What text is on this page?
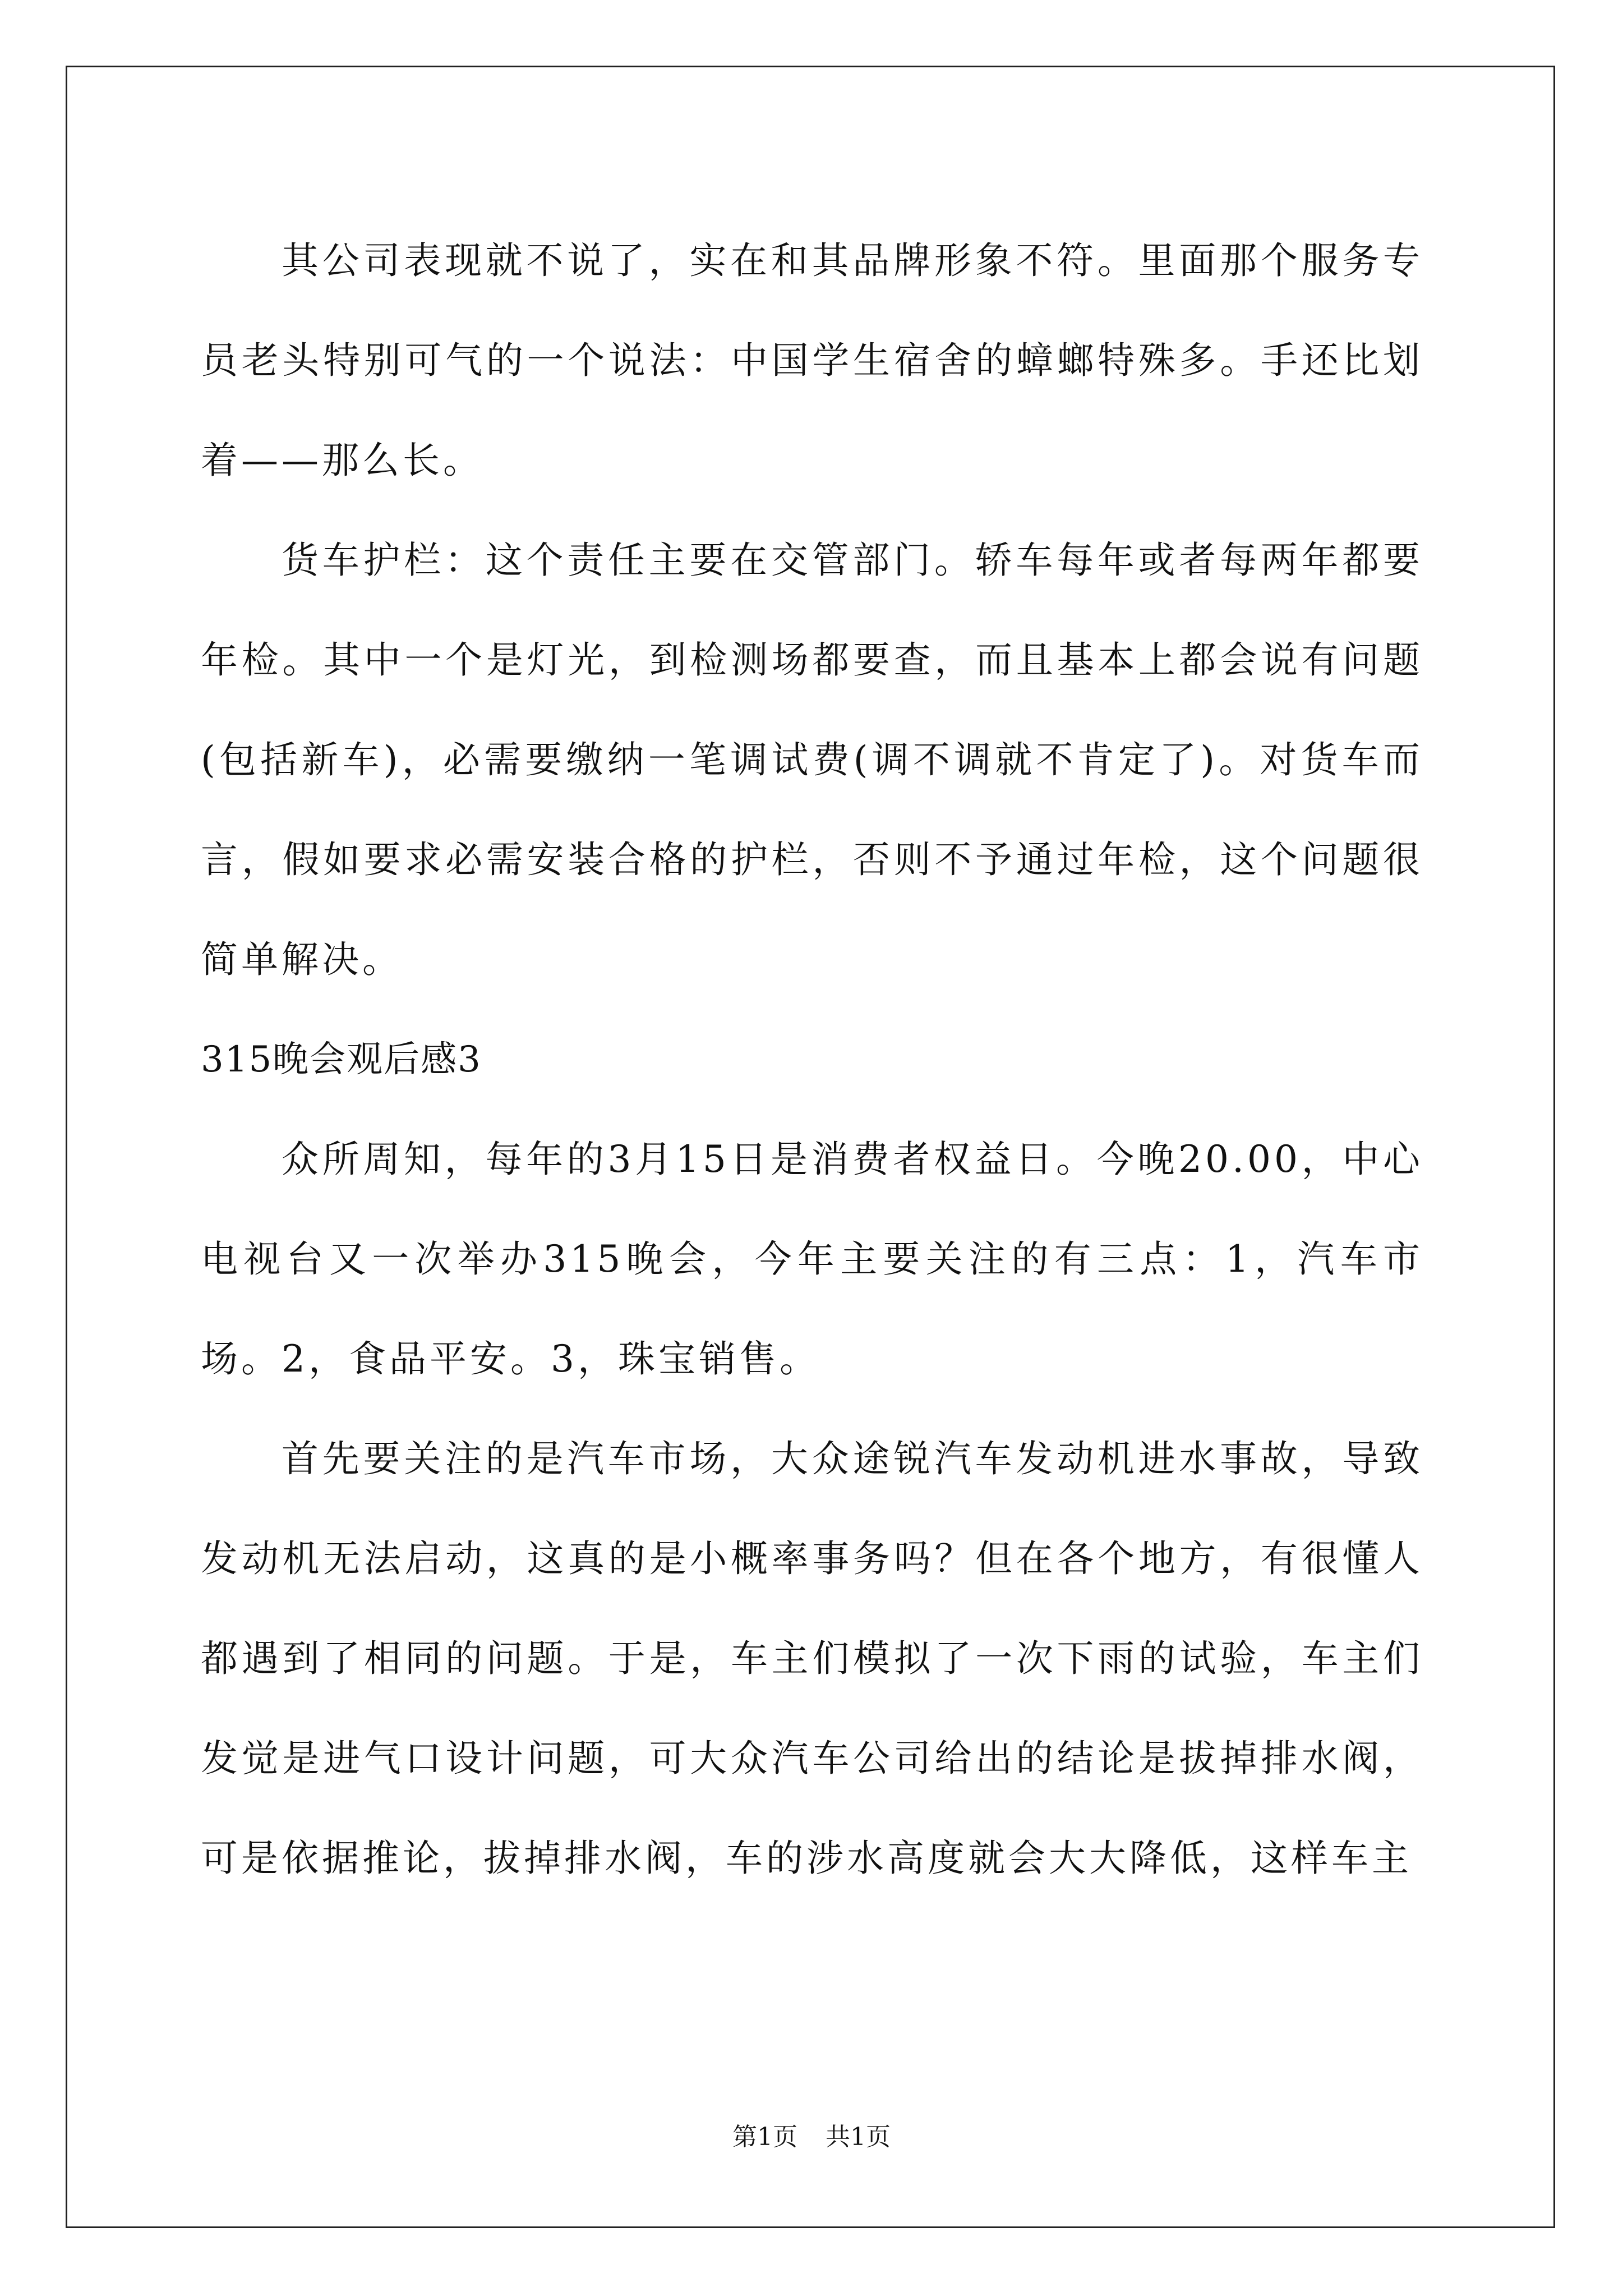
其公司表现就不说了，实在和其品牌形象不符。里面那个服务专员老头特别可气的一个说法：中国学生宿舍的蟑螂特殊多。手还比划着——那么长。

货车护栏：这个责任主要在交管部门。轿车每年或者每两年都要年检。其中一个是灯光，到检测场都要查，而且基本上都会说有问题(包括新车)，必需要缴纳一笔调试费(调不调就不肯定了)。对货车而言，假如要求必需安装合格的护栏，否则不予通过年检，这个问题很简单解决。

315晚会观后感3

众所周知，每年的3月15日是消费者权益日。今晚20.00，中心电视台又一次举办315晚会，今年主要关注的有三点：1，汽车市场。2，食品平安。3，珠宝销售。

首先要关注的是汽车市场，大众途锐汽车发动机进水事故，导致发动机无法启动，这真的是小概率事务吗？但在各个地方，有很懂人都遇到了相同的问题。于是，车主们模拟了一次下雨的试验，车主们发觉是进气口设计问题，可大众汽车公司给出的结论是拔掉排水阀，可是依据推论，拔掉排水阀，车的涉水高度就会大大降低，这样车主

第1页 共1页
